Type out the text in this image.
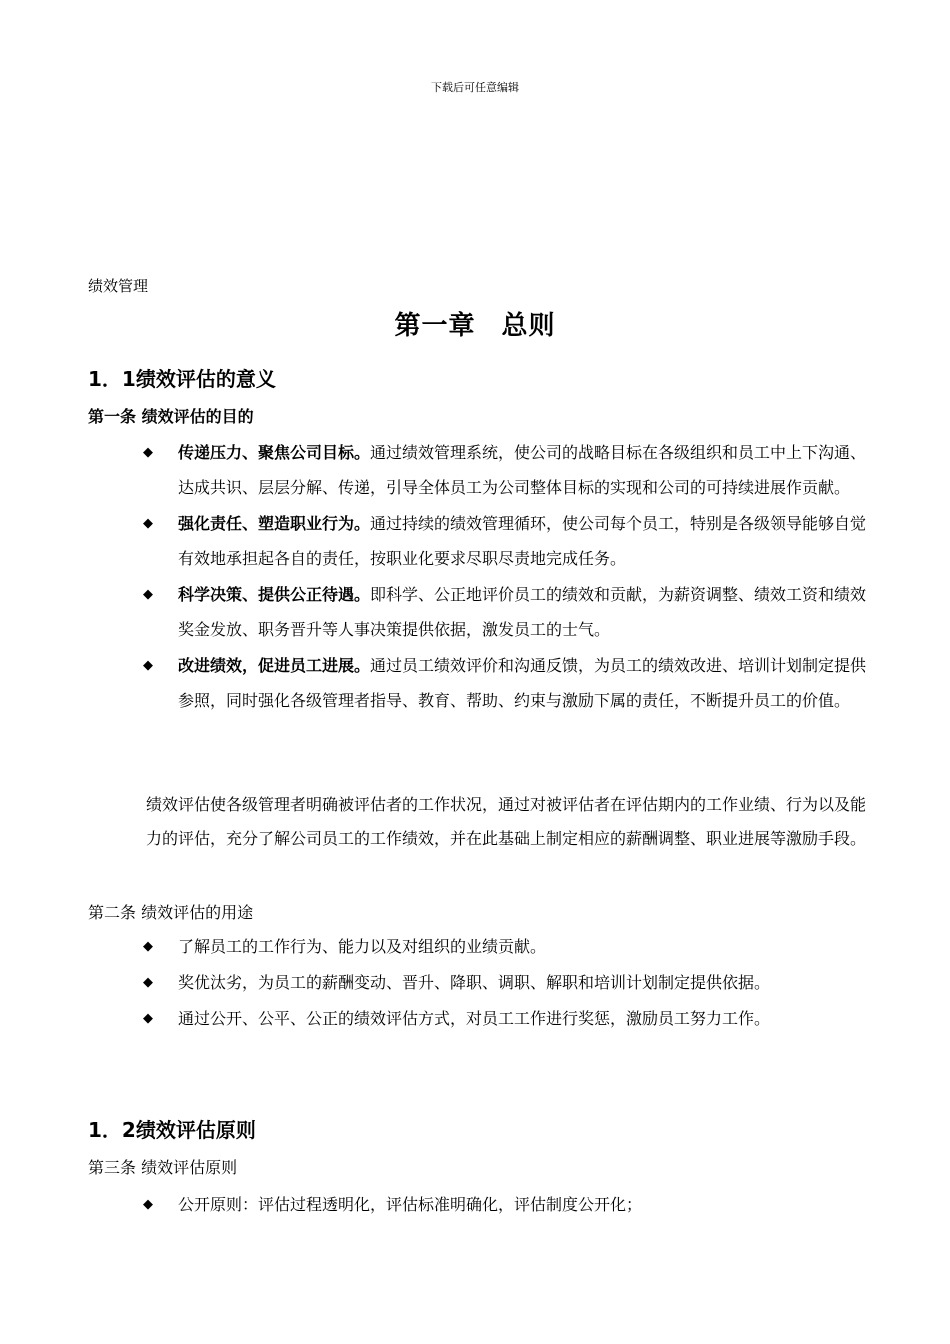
下载后可任意编辑
绩效管理
第一章 总则
1．1绩效评估的意义
第一条 绩效评估的目的
◆ 传递压力、聚焦公司目标。通过绩效管理系统，使公司的战略目标在各级组织和员工中上下沟通、达成共识、层层分解、传递，引导全体员工为公司整体目标的实现和公司的可持续进展作贡献。
◆ 强化责任、塑造职业行为。通过持续的绩效管理循环，使公司每个员工，特别是各级领导能够自觉有效地承担起各自的责任，按职业化要求尽职尽责地完成任务。
◆ 科学决策、提供公正待遇。即科学、公正地评价员工的绩效和贡献，为薪资调整、绩效工资和绩效奖金发放、职务晋升等人事决策提供依据，激发员工的士气。
◆ 改进绩效，促进员工进展。通过员工绩效评价和沟通反馈，为员工的绩效改进、培训计划制定提供参照，同时强化各级管理者指导、教育、帮助、约束与激励下属的责任，不断提升员工的价值。

绩效评估使各级管理者明确被评估者的工作状况，通过对被评估者在评估期内的工作业绩、行为以及能力的评估，充分了解公司员工的工作绩效，并在此基础上制定相应的薪酬调整、职业进展等激励手段。

第二条 绩效评估的用途
◆ 了解员工的工作行为、能力以及对组织的业绩贡献。
◆ 奖优汰劣，为员工的薪酬变动、晋升、降职、调职、解职和培训计划制定提供依据。
◆ 通过公开、公平、公正的绩效评估方式，对员工工作进行奖惩，激励员工努力工作。
1．2绩效评估原则
第三条 绩效评估原则
◆ 公开原则：评估过程透明化，评估标准明确化，评估制度公开化；
